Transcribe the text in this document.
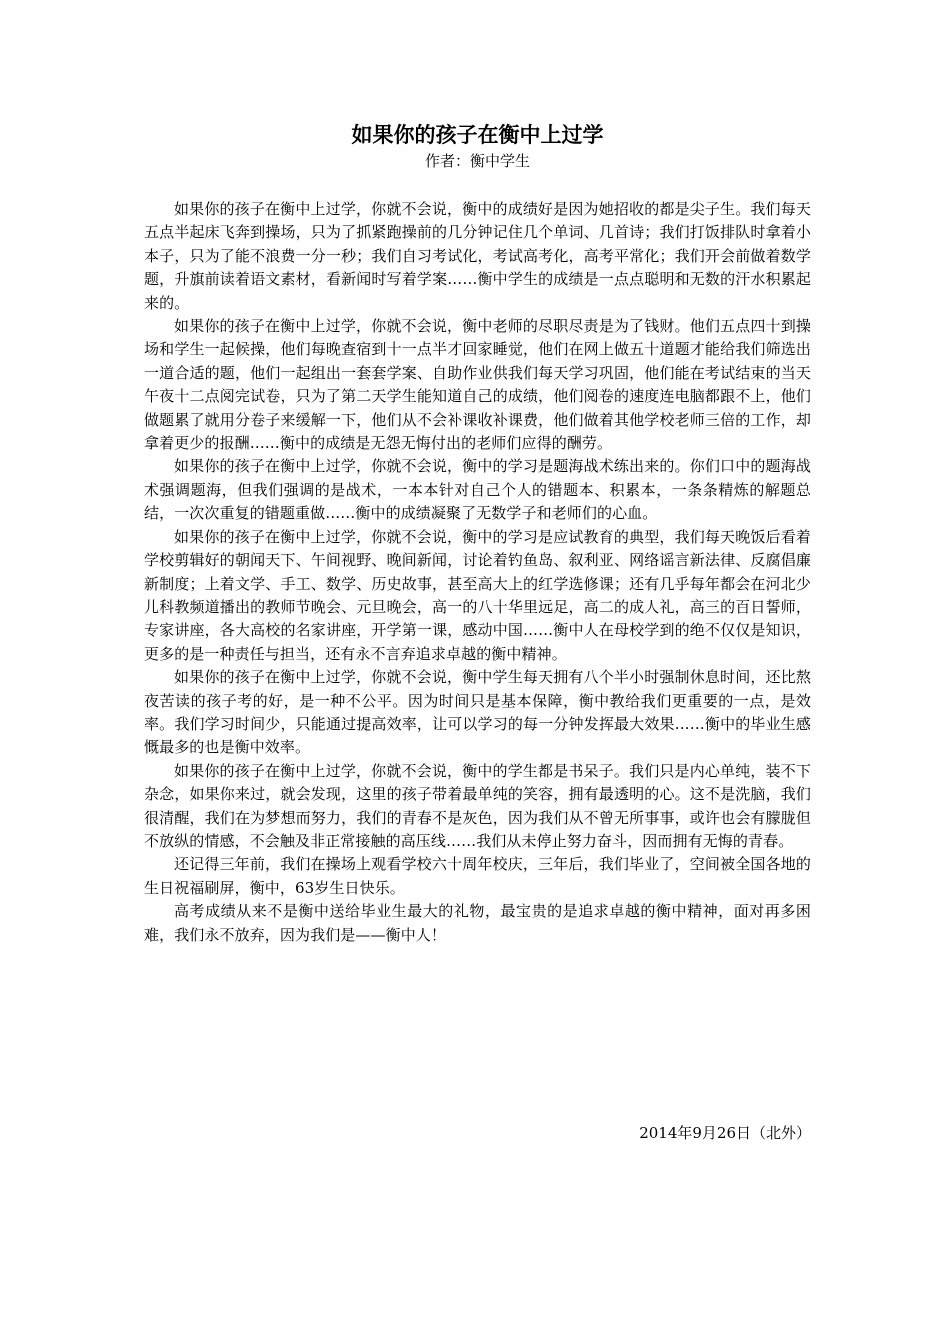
如果你的孩子在衡中上过学
作者：衡中学生

如果你的孩子在衡中上过学，你就不会说，衡中的成绩好是因为她招收的都是尖子生。我们每天五点半起床飞奔到操场，只为了抓紧跑操前的几分钟记住几个单词、几首诗；我们打饭排队时拿着小本子，只为了能不浪费一分一秒；我们自习考试化，考试高考化，高考平常化；我们开会前做着数学题，升旗前读着语文素材，看新闻时写着学案……衡中学生的成绩是一点点聪明和无数的汗水积累起来的。

如果你的孩子在衡中上过学，你就不会说，衡中老师的尽职尽责是为了钱财。他们五点四十到操场和学生一起候操，他们每晚查宿到十一点半才回家睡觉，他们在网上做五十道题才能给我们筛选出一道合适的题，他们一起组出一套套学案、自助作业供我们每天学习巩固，他们能在考试结束的当天午夜十二点阅完试卷，只为了第二天学生能知道自己的成绩，他们阅卷的速度连电脑都跟不上，他们做题累了就用分卷子来缓解一下，他们从不会补课收补课费，他们做着其他学校老师三倍的工作，却拿着更少的报酬……衡中的成绩是无怨无悔付出的老师们应得的酬劳。

如果你的孩子在衡中上过学，你就不会说，衡中的学习是题海战术练出来的。你们口中的题海战术强调题海，但我们强调的是战术，一本本针对自己个人的错题本、积累本，一条条精炼的解题总结，一次次重复的错题重做……衡中的成绩凝聚了无数学子和老师们的心血。

如果你的孩子在衡中上过学，你就不会说，衡中的学习是应试教育的典型，我们每天晚饭后看着学校剪辑好的朝闻天下、午间视野、晚间新闻，讨论着钓鱼岛、叙利亚、网络谣言新法律、反腐倡廉新制度；上着文学、手工、数学、历史故事，甚至高大上的红学选修课；还有几乎每年都会在河北少儿科教频道播出的教师节晚会、元旦晚会，高一的八十华里远足，高二的成人礼，高三的百日誓师，专家讲座，各大高校的名家讲座，开学第一课，感动中国……衡中人在母校学到的绝不仅仅是知识，更多的是一种责任与担当，还有永不言弃追求卓越的衡中精神。

如果你的孩子在衡中上过学，你就不会说，衡中学生每天拥有八个半小时强制休息时间，还比熬夜苦读的孩子考的好，是一种不公平。因为时间只是基本保障，衡中教给我们更重要的一点，是效率。我们学习时间少，只能通过提高效率，让可以学习的每一分钟发挥最大效果……衡中的毕业生感慨最多的也是衡中效率。

如果你的孩子在衡中上过学，你就不会说，衡中的学生都是书呆子。我们只是内心单纯，装不下杂念，如果你来过，就会发现，这里的孩子带着最单纯的笑容，拥有最透明的心。这不是洗脑，我们很清醒，我们在为梦想而努力，我们的青春不是灰色，因为我们从不曾无所事事，或许也会有朦胧但不放纵的情感，不会触及非正常接触的高压线……我们从未停止努力奋斗，因而拥有无悔的青春。

还记得三年前，我们在操场上观看学校六十周年校庆，三年后，我们毕业了，空间被全国各地的生日祝福刷屏，衡中，63岁生日快乐。

高考成绩从来不是衡中送给毕业生最大的礼物，最宝贵的是追求卓越的衡中精神，面对再多困难，我们永不放弃，因为我们是——衡中人！

2014年9月26日（北外）
